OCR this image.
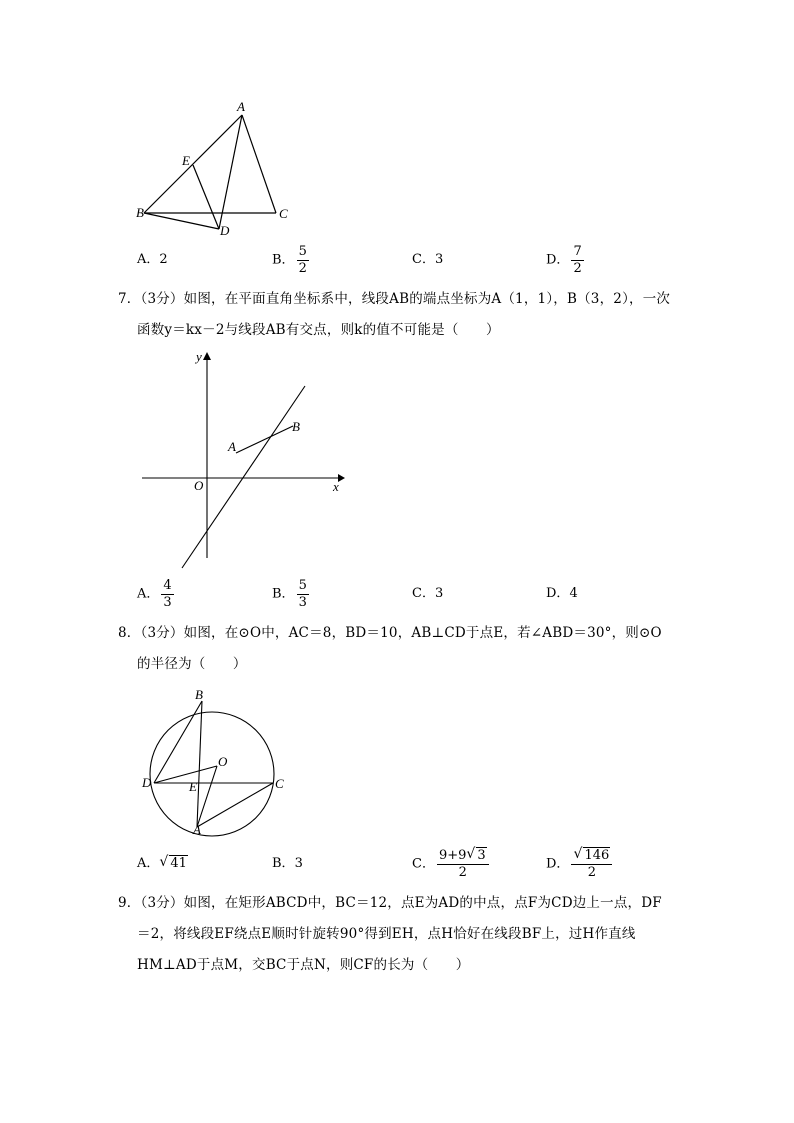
A
E
B	C
D
A．2	B． $\frac{5}{2}$	C．3	D． $\frac{7}{2}$
7．（3分）如图，在平面直角坐标系中，线段AB的端点坐标为A（1，1），B（3，2），一次
函数y＝kx－2与线段AB有交点，则k的值不可能是（　　）
y
x
O
A
B
A． $\frac{4}{3}$	B． $\frac{5}{3}$	C．3	D．4
8．（3分）如图，在⊙O中，AC＝8，BD＝10，AB⊥CD于点E，若∠ABD＝30°，则⊙O
的半径为（　　）
B
O
D	E	C
A
A． √ 41	B．3	C． $\frac{9+9 √ 3}{2}$	D． √ $\frac{146}{2}$
9．（3分）如图，在矩形ABCD中，BC＝12，点E为AD的中点，点F为CD边上一点，DF
＝2，将线段EF绕点E顺时针旋转90°得到EH，点H恰好在线段BF上，过H作直线
HM⊥AD于点M，交BC于点N，则CF的长为（　　）
